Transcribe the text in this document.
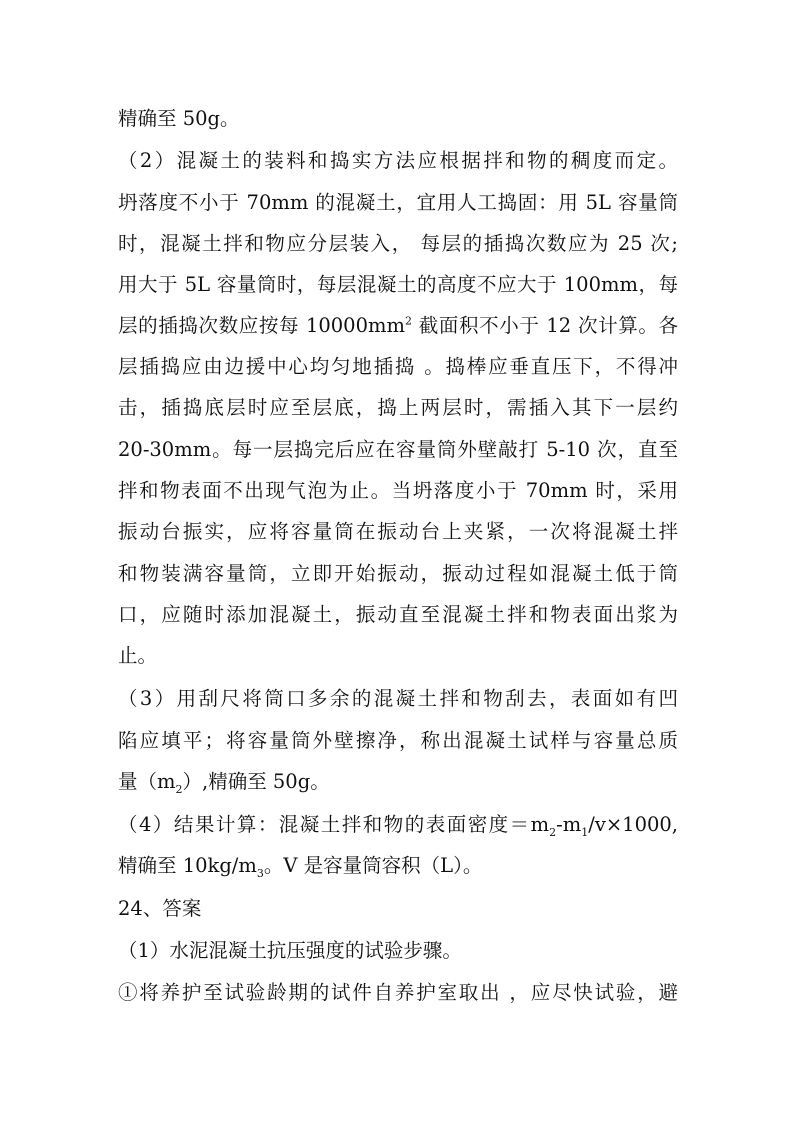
精确至 50g。
（2）混凝土的装料和捣实方法应根据拌和物的稠度而定。
坍落度不小于 70mm 的混凝土，宜用人工捣固：用 5L 容量筒
时，混凝土拌和物应分层装入， 每层的插捣次数应为 25 次;
用大于 5L 容量筒时，每层混凝土的高度不应大于 100mm，每
层的插捣次数应按每 $10000mm^2$ 截面积不小于 12 次计算。各
层插捣应由边援中心均匀地插捣 。捣棒应垂直压下，不得冲
击，插捣底层时应至层底，捣上两层时，需插入其下一层约
20-30mm。每一层捣完后应在容量筒外壁敲打 5-10 次，直至
拌和物表面不出现气泡为止。当坍落度小于 70mm 时，采用
振动台振实，应将容量筒在振动台上夹紧，一次将混凝土拌
和物装满容量筒，立即开始振动，振动过程如混凝土低于筒
口，应随时添加混凝土，振动直至混凝土拌和物表面出浆为
止。
（3）用刮尺将筒口多余的混凝土拌和物刮去，表面如有凹
陷应填平；将容量筒外壁擦净，称出混凝土试样与容量总质
量$(m_2)$,精确至 50g。
（4）结果计算：混凝土拌和物的表面密度$=m_2-m_1/v\times 1000$,
精确至 $10kg/m_3$。V 是容量筒容积（L）。
24、答案
（1）水泥混凝土抗压强度的试验步骤。
①将养护至试验龄期的试件自养护室取出 ，应尽快试验，避
